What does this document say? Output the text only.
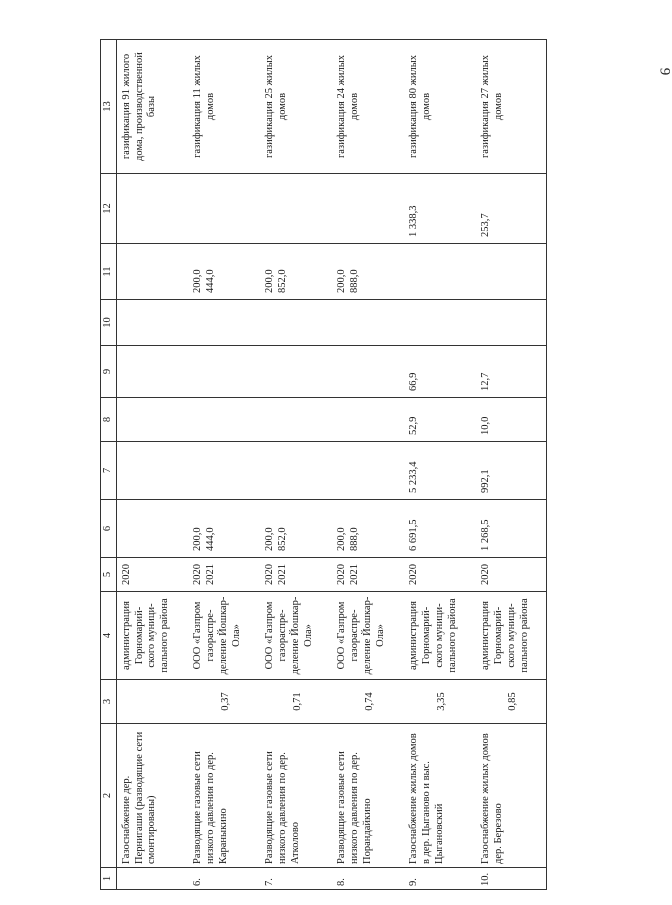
9
1	2	3	4	5	6	7	8	9	10	11	12	13
	Газоснабжение дер. Пернигаши (разводящие сети смонтированы)		администрация Горномарий-ского муници-пального района	2020								газификация 91 жилого дома, производственной базы
6.	Разводящие газовые сети низкого давления по дер. Караныкино	0,37	ООО «Газпром газораспре-деление Йошкар-Ола»	2020 2021	200,0 444,0					200,0 444,0		газификация 11 жилых домов
7.	Разводящие газовые сети низкого давления по дер. Атколово	0,71	ООО «Газпром газораспре-деление Йошкар-Ола»	2020 2021	200,0 852,0					200,0 852,0		газификация 25 жилых домов
8.	Разводящие газовые сети низкого давления по дер. Порандайкино	0,74	ООО «Газпром газораспре-деление Йошкар-Ола»	2020 2021	200,0 888,0					200,0 888,0		газификация 24 жилых домов
9.	Газоснабжение жилых домов в дер. Цыганово и выс. Цыгановский	3,35	администрация Горномарий-ского муници-пального района	2020	6 691,5	5 233,4	52,9	66,9			1 338,3	газификация 80 жилых домов
10.	Газоснабжение жилых домов дер. Березово	0,85	администрация Горномарий-ского муници-пального района	2020	1 268,5	992,1	10,0	12,7			253,7	газификация 27 жилых домов
